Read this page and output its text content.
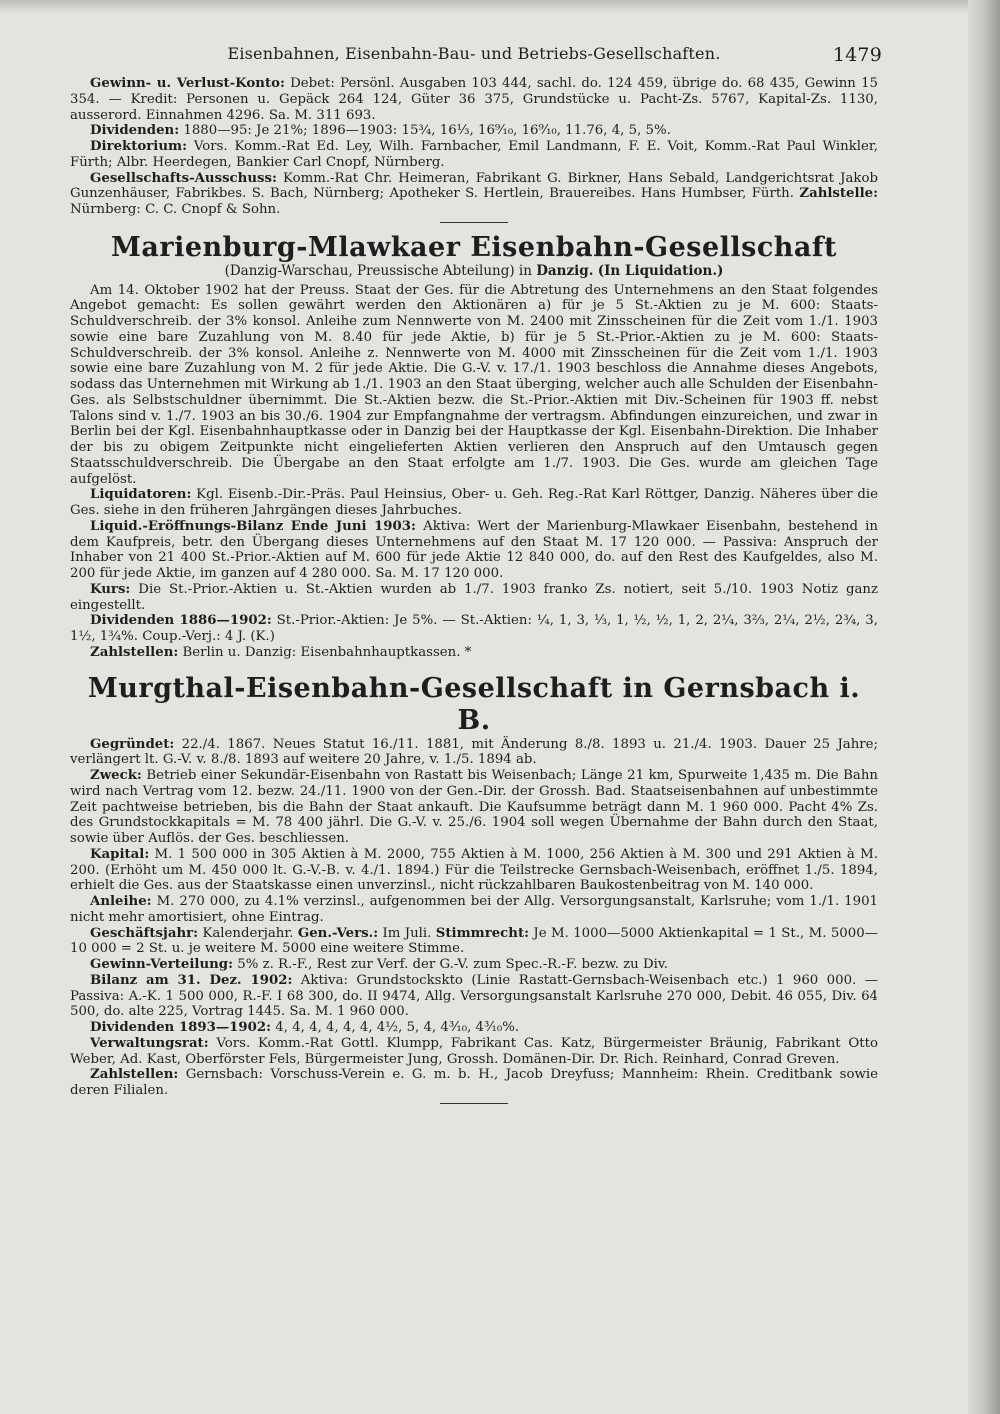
Eisenbahnen, Eisenbahn-Bau- und Betriebs-Gesellschaften.	1479

Gewinn- u. Verlust-Konto: Debet: Persönl. Ausgaben 103 444, sachl. do. 124 459, übrige do. 68 435, Gewinn 15 354. — Kredit: Personen u. Gepäck 264 124, Güter 36 375, Grundstücke u. Pacht-Zs. 5767, Kapital-Zs. 1130, ausserord. Einnahmen 4296. Sa. M. 311 693.

Dividenden: 1880—95: Je 21%; 1896—1903: 15¾, 16⅓, 16⁹⁄₁₀, 16⁹⁄₁₀, 11.76, 4, 5, 5%.

Direktorium: Vors. Komm.-Rat Ed. Ley, Wilh. Farnbacher, Emil Landmann, F. E. Voit, Komm.-Rat Paul Winkler, Fürth; Albr. Heerdegen, Bankier Carl Cnopf, Nürnberg.

Gesellschafts-Ausschuss: Komm.-Rat Chr. Heimeran, Fabrikant G. Birkner, Hans Sebald, Landgerichtsrat Jakob Gunzenhäuser, Fabrikbes. S. Bach, Nürnberg; Apotheker S. Hertlein, Brauereibes. Hans Humbser, Fürth. Zahlstelle: Nürnberg: C. C. Cnopf & Sohn.

Marienburg-Mlawkaer Eisenbahn-Gesellschaft

(Danzig-Warschau, Preussische Abteilung) in Danzig. (In Liquidation.)

Am 14. Oktober 1902 hat der Preuss. Staat der Ges. für die Abtretung des Unternehmens an den Staat folgendes Angebot gemacht: Es sollen gewährt werden den Aktionären a) für je 5 St.-Aktien zu je M. 600: Staats-Schuldverschreib. der 3% konsol. Anleihe zum Nennwerte von M. 2400 mit Zinsscheinen für die Zeit vom 1./1. 1903 sowie eine bare Zuzahlung von M. 8.40 für jede Aktie, b) für je 5 St.-Prior.-Aktien zu je M. 600: Staats-Schuldverschreib. der 3% konsol. Anleihe z. Nennwerte von M. 4000 mit Zinsscheinen für die Zeit vom 1./1. 1903 sowie eine bare Zuzahlung von M. 2 für jede Aktie. Die G.-V. v. 17./1. 1903 beschloss die Annahme dieses Angebots, sodass das Unternehmen mit Wirkung ab 1./1. 1903 an den Staat überging, welcher auch alle Schulden der Eisenbahn-Ges. als Selbstschuldner übernimmt. Die St.-Aktien bezw. die St.-Prior.-Aktien mit Div.-Scheinen für 1903 ff. nebst Talons sind v. 1./7. 1903 an bis 30./6. 1904 zur Empfangnahme der vertragsm. Abfindungen einzureichen, und zwar in Berlin bei der Kgl. Eisenbahnhauptkasse oder in Danzig bei der Hauptkasse der Kgl. Eisenbahn-Direktion. Die Inhaber der bis zu obigem Zeitpunkte nicht eingelieferten Aktien verlieren den Anspruch auf den Umtausch gegen Staatsschuldverschreib. Die Übergabe an den Staat erfolgte am 1./7. 1903. Die Ges. wurde am gleichen Tage aufgelöst.

Liquidatoren: Kgl. Eisenb.-Dir.-Präs. Paul Heinsius, Ober- u. Geh. Reg.-Rat Karl Röttger, Danzig. Näheres über die Ges. siehe in den früheren Jahrgängen dieses Jahrbuches.

Liquid.-Eröffnungs-Bilanz Ende Juni 1903: Aktiva: Wert der Marienburg-Mlawkaer Eisenbahn, bestehend in dem Kaufpreis, betr. den Übergang dieses Unternehmens auf den Staat M. 17 120 000. — Passiva: Anspruch der Inhaber von 21 400 St.-Prior.-Aktien auf M. 600 für jede Aktie 12 840 000, do. auf den Rest des Kaufgeldes, also M. 200 für jede Aktie, im ganzen auf 4 280 000. Sa. M. 17 120 000.

Kurs: Die St.-Prior.-Aktien u. St.-Aktien wurden ab 1./7. 1903 franko Zs. notiert, seit 5./10. 1903 Notiz ganz eingestellt.

Dividenden 1886—1902: St.-Prior.-Aktien: Je 5%. — St.-Aktien: ¼, 1, 3, ⅓, 1, ½, ½, 1, 2, 2¼, 3⅔, 2¼, 2½, 2¾, 3, 1½, 1¾%. Coup.-Verj.: 4 J. (K.)

Zahlstellen: Berlin u. Danzig: Eisenbahnhauptkassen. *

Murgthal-Eisenbahn-Gesellschaft in Gernsbach i. B.

Gegründet: 22./4. 1867. Neues Statut 16./11. 1881, mit Änderung 8./8. 1893 u. 21./4. 1903. Dauer 25 Jahre; verlängert lt. G.-V. v. 8./8. 1893 auf weitere 20 Jahre, v. 1./5. 1894 ab.

Zweck: Betrieb einer Sekundär-Eisenbahn von Rastatt bis Weisenbach; Länge 21 km, Spurweite 1,435 m. Die Bahn wird nach Vertrag vom 12. bezw. 24./11. 1900 von der Gen.-Dir. der Grossh. Bad. Staatseisenbahnen auf unbestimmte Zeit pachtweise betrieben, bis die Bahn der Staat ankauft. Die Kaufsumme beträgt dann M. 1 960 000. Pacht 4% Zs. des Grundstockkapitals = M. 78 400 jährl. Die G.-V. v. 25./6. 1904 soll wegen Übernahme der Bahn durch den Staat, sowie über Auflös. der Ges. beschliessen.

Kapital: M. 1 500 000 in 305 Aktien à M. 2000, 755 Aktien à M. 1000, 256 Aktien à M. 300 und 291 Aktien à M. 200. (Erhöht um M. 450 000 lt. G.-V.-B. v. 4./1. 1894.) Für die Teilstrecke Gernsbach-Weisenbach, eröffnet 1./5. 1894, erhielt die Ges. aus der Staatskasse einen unverzinsl., nicht rückzahlbaren Baukostenbeitrag von M. 140 000.

Anleihe: M. 270 000, zu 4.1% verzinsl., aufgenommen bei der Allg. Versorgungsanstalt, Karlsruhe; vom 1./1. 1901 nicht mehr amortisiert, ohne Eintrag.

Geschäftsjahr: Kalenderjahr. Gen.-Vers.: Im Juli. Stimmrecht: Je M. 1000—5000 Aktienkapital = 1 St., M. 5000—10 000 = 2 St. u. je weitere M. 5000 eine weitere Stimme.

Gewinn-Verteilung: 5% z. R.-F., Rest zur Verf. der G.-V. zum Spec.-R.-F. bezw. zu Div.

Bilanz am 31. Dez. 1902: Aktiva: Grundstockskto (Linie Rastatt-Gernsbach-Weisenbach etc.) 1 960 000. — Passiva: A.-K. 1 500 000, R.-F. I 68 300, do. II 9474, Allg. Versorgungsanstalt Karlsruhe 270 000, Debit. 46 055, Div. 64 500, do. alte 225, Vortrag 1445. Sa. M. 1 960 000.

Dividenden 1893—1902: 4, 4, 4, 4, 4, 4, 4½, 5, 4, 4³⁄₁₀, 4³⁄₁₀%.

Verwaltungsrat: Vors. Komm.-Rat Gottl. Klumpp, Fabrikant Cas. Katz, Bürgermeister Bräunig, Fabrikant Otto Weber, Ad. Kast, Oberförster Fels, Bürgermeister Jung, Grossh. Domänen-Dir. Dr. Rich. Reinhard, Conrad Greven.

Zahlstellen: Gernsbach: Vorschuss-Verein e. G. m. b. H., Jacob Dreyfuss; Mannheim: Rhein. Creditbank sowie deren Filialen.
